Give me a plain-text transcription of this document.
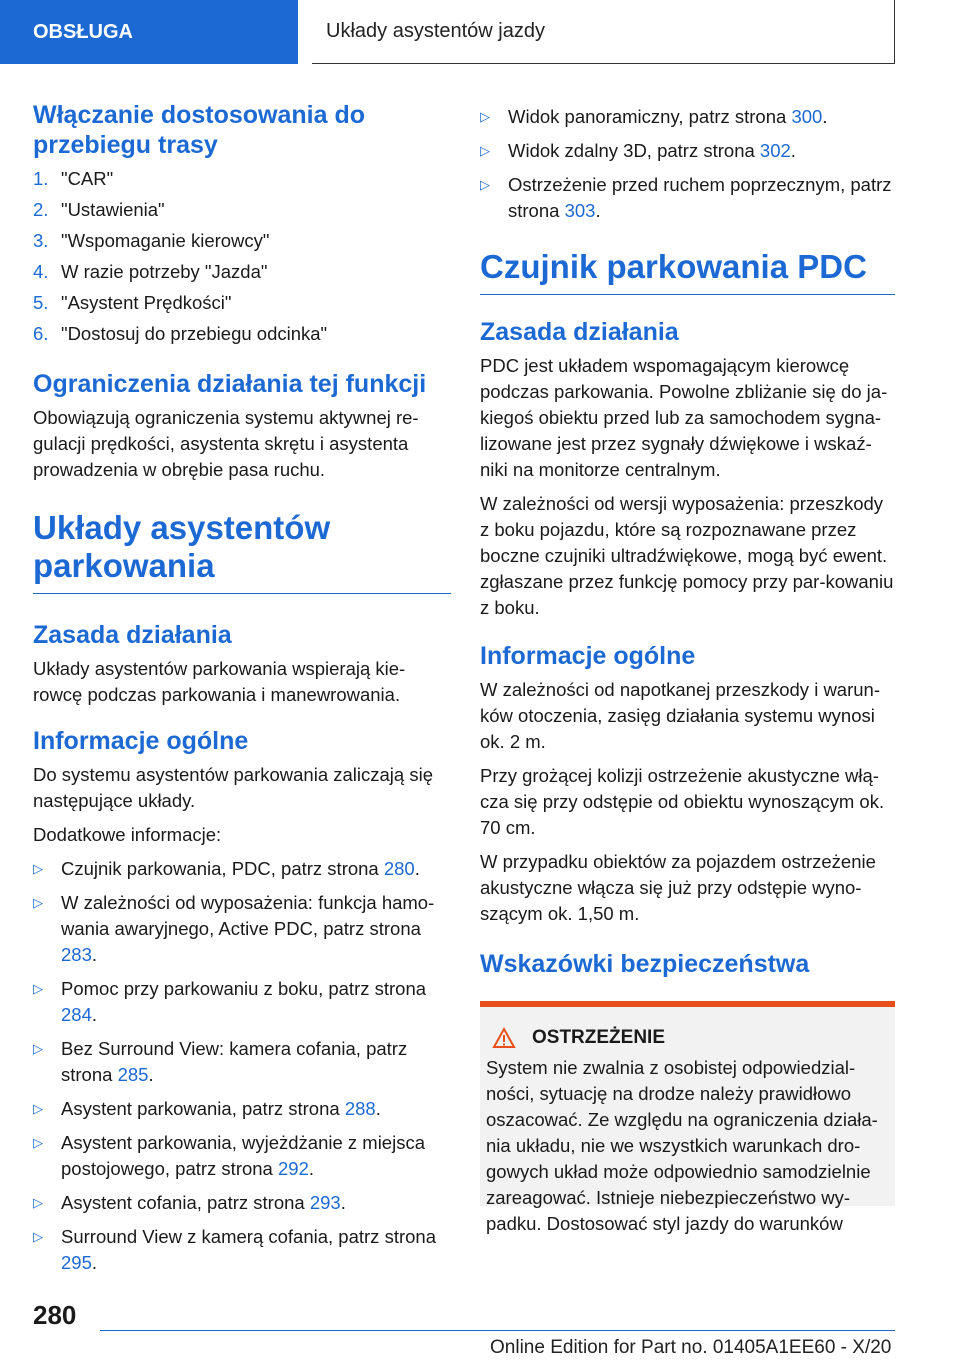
OBSŁUGA	Układy asystentów jazdy
Włączanie dostosowania do przebiegu trasy
1. "CAR"
2. "Ustawienia"
3. "Wspomaganie kierowcy"
4. W razie potrzeby "Jazda"
5. "Asystent Prędkości"
6. "Dostosuj do przebiegu odcinka"
Ograniczenia działania tej funkcji

Obowiązują ograniczenia systemu aktywnej re-gulacji prędkości, asystenta skrętu i asystenta prowadzenia w obrębie pasa ruchu.

Układy asystentów parkowania
Zasada działania

Układy asystentów parkowania wspierają kie-rowcę podczas parkowania i manewrowania.

Informacje ogólne

Do systemu asystentów parkowania zaliczają się następujące układy.

Dodatkowe informacje:

▷ Czujnik parkowania, PDC, patrz strona 280.
▷ W zależności od wyposażenia: funkcja hamo-wania awaryjnego, Active PDC, patrz strona 283.
▷ Pomoc przy parkowaniu z boku, patrz strona 284.
▷ Bez Surround View: kamera cofania, patrz strona 285.
▷ Asystent parkowania, patrz strona 288.
▷ Asystent parkowania, wyjeżdżanie z miejsca postojowego, patrz strona 292.
▷ Asystent cofania, patrz strona 293.
▷ Surround View z kamerą cofania, patrz strona 295.
▷ Widok panoramiczny, patrz strona 300.
▷ Widok zdalny 3D, patrz strona 302.
▷ Ostrzeżenie przed ruchem poprzecznym, patrz strona 303.
Czujnik parkowania PDC
Zasada działania

PDC jest układem wspomagającym kierowcę podczas parkowania. Powolne zbliżanie się do ja-kiegoś obiektu przed lub za samochodem sygna-lizowane jest przez sygnały dźwiękowe i wskaź-niki na monitorze centralnym.

W zależności od wersji wyposażenia: przeszkody z boku pojazdu, które są rozpoznawane przez boczne czujniki ultradźwiękowe, mogą być ewent. zgłaszane przez funkcję pomocy przy par-kowaniu z boku.

Informacje ogólne

W zależności od napotkanej przeszkody i warun-ków otoczenia, zasięg działania systemu wynosi ok. 2 m.

Przy grożącej kolizji ostrzeżenie akustyczne włą-cza się przy odstępie od obiektu wynoszącym ok. 70 cm.

W przypadku obiektów za pojazdem ostrzeżenie akustyczne włącza się już przy odstępie wyno-szącym ok. 1,50 m.

Wskazówki bezpieczeństwa
OSTRZEŻENIE

System nie zwalnia z osobistej odpowiedzial-ności, sytuację na drodze należy prawidłowo oszacować. Ze względu na ograniczenia działa-nia układu, nie we wszystkich warunkach dro-gowych układ może odpowiednio samodzielnie zareagować. Istnieje niebezpieczeństwo wy-padku. Dostosować styl jazdy do warunków

280
Online Edition for Part no. 01405A1EE60 - X/20
